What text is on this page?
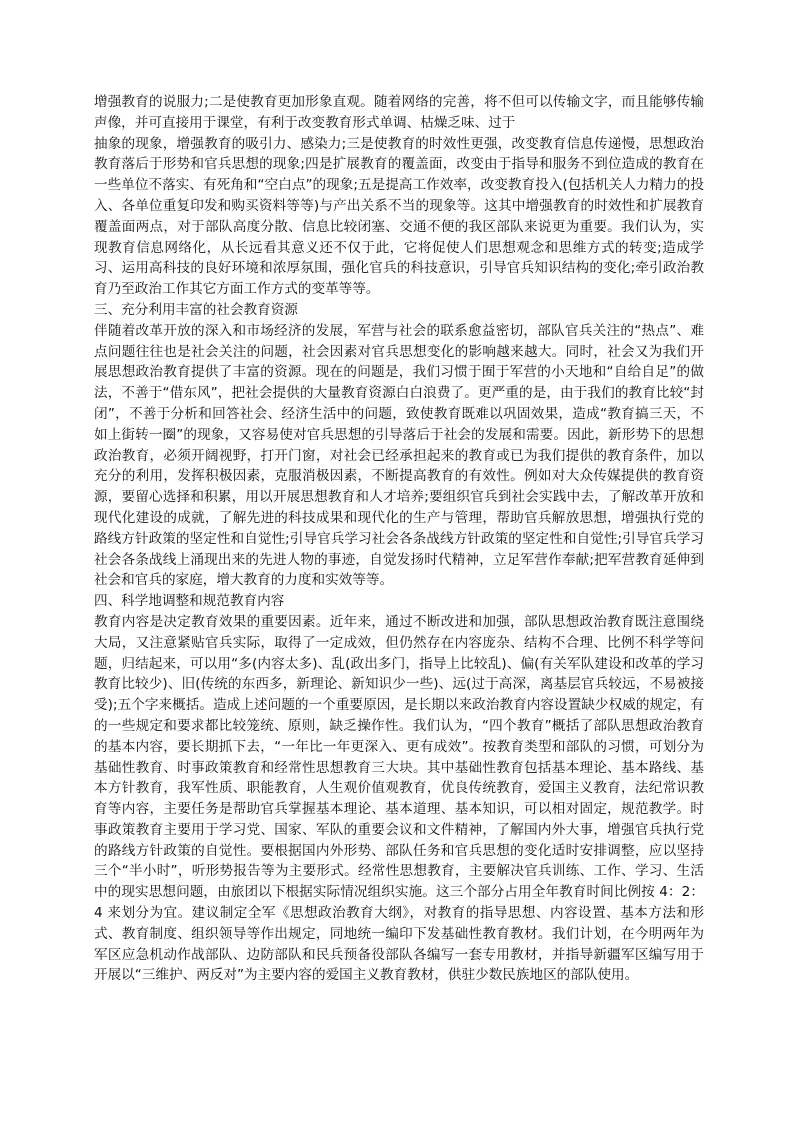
增强教育的说服力;二是使教育更加形象直观。随着网络的完善，将不但可以传输文字，而且能够传输声像，并可直接用于课堂，有利于改变教育形式单调、枯燥乏味、过于

抽象的现象，增强教育的吸引力、感染力;三是使教育的时效性更强，改变教育信息传递慢，思想政治教育落后于形势和官兵思想的现象;四是扩展教育的覆盖面，改变由于指导和服务不到位造成的教育在一些单位不落实、有死角和“空白点”的现象;五是提高工作效率，改变教育投入(包括机关人力精力的投入、各单位重复印发和购买资料等等)与产出关系不当的现象等。这其中增强教育的时效性和扩展教育覆盖面两点，对于部队高度分散、信息比较闭塞、交通不便的我区部队来说更为重要。我们认为，实现教育信息网络化，从长远看其意义还不仅于此，它将促使人们思想观念和思维方式的转变;造成学习、运用高科技的良好环境和浓厚氛围，强化官兵的科技意识，引导官兵知识结构的变化;牵引政治教育乃至政治工作其它方面工作方式的变革等等。

三、充分利用丰富的社会教育资源

伴随着改革开放的深入和市场经济的发展，军营与社会的联系愈益密切，部队官兵关注的“热点”、难点问题往往也是社会关注的问题，社会因素对官兵思想变化的影响越来越大。同时，社会又为我们开展思想政治教育提供了丰富的资源。现在的问题是，我们习惯于囿于军营的小天地和“自给自足”的做法，不善于“借东风”，把社会提供的大量教育资源白白浪费了。更严重的是，由于我们的教育比较“封闭”，不善于分析和回答社会、经济生活中的问题，致使教育既难以巩固效果，造成“教育搞三天，不如上街转一圈”的现象，又容易使对官兵思想的引导落后于社会的发展和需要。因此，新形势下的思想政治教育，必须开阔视野，打开门窗，对社会已经承担起来的教育或已为我们提供的教育条件，加以充分的利用，发挥积极因素，克服消极因素，不断提高教育的有效性。例如对大众传媒提供的教育资源，要留心选择和积累，用以开展思想教育和人才培养;要组织官兵到社会实践中去，了解改革开放和现代化建设的成就，了解先进的科技成果和现代化的生产与管理，帮助官兵解放思想，增强执行党的路线方针政策的坚定性和自觉性;引导官兵学习社会各条战线方针政策的坚定性和自觉性;引导官兵学习社会各条战线上涌现出来的先进人物的事迹，自觉发扬时代精神，立足军营作奉献;把军营教育延伸到社会和官兵的家庭，增大教育的力度和实效等等。

四、科学地调整和规范教育内容

教育内容是决定教育效果的重要因素。近年来，通过不断改进和加强，部队思想政治教育既注意围绕大局，又注意紧贴官兵实际，取得了一定成效，但仍然存在内容庞杂、结构不合理、比例不科学等问题，归结起来，可以用“多(内容太多)、乱(政出多门，指导上比较乱)、偏(有关军队建设和改革的学习教育比较少)、旧(传统的东西多，新理论、新知识少一些)、远(过于高深，离基层官兵较远，不易被接受);五个字来概括。造成上述问题的一个重要原因，是长期以来政治教育内容设置缺少权威的规定，有的一些规定和要求都比较笼统、原则，缺乏操作性。我们认为，“四个教育”概括了部队思想政治教育的基本内容，要长期抓下去，“一年比一年更深入、更有成效”。按教育类型和部队的习惯，可划分为基础性教育、时事政策教育和经常性思想教育三大块。其中基础性教育包括基本理论、基本路线、基本方针教育，我军性质、职能教育，人生观价值观教育，优良传统教育，爱国主义教育，法纪常识教育等内容，主要任务是帮助官兵掌握基本理论、基本道理、基本知识，可以相对固定，规范教学。时事政策教育主要用于学习党、国家、军队的重要会议和文件精神，了解国内外大事，增强官兵执行党的路线方针政策的自觉性。要根据国内外形势、部队任务和官兵思想的变化适时安排调整，应以坚持三个“半小时”，听形势报告等为主要形式。经常性思想教育，主要解决官兵训练、工作、学习、生活中的现实思想问题，由旅团以下根据实际情况组织实施。这三个部分占用全年教育时间比例按 4：2：4 来划分为宜。建议制定全军《思想政治教育大纲》，对教育的指导思想、内容设置、基本方法和形式、教育制度、组织领导等作出规定，同地统一编印下发基础性教育教材。我们计划，在今明两年为军区应急机动作战部队、边防部队和民兵预备役部队各编写一套专用教材，并指导新疆军区编写用于开展以“三维护、两反对”为主要内容的爱国主义教育教材，供驻少数民族地区的部队使用。
